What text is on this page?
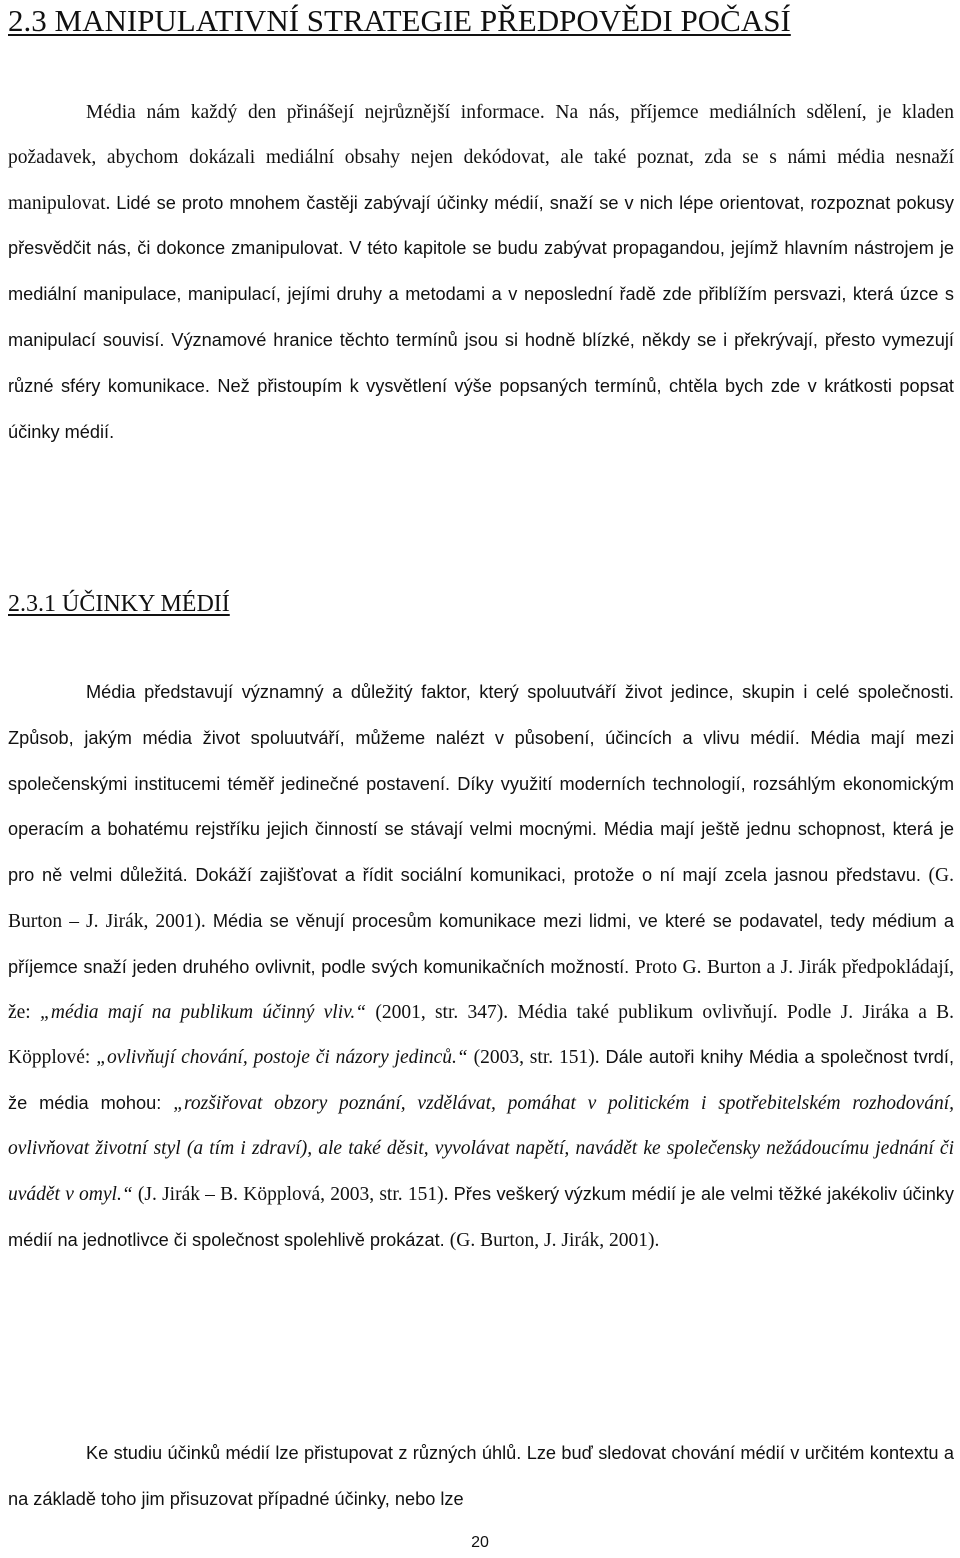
2.3 MANIPULATIVNÍ STRATEGIE PŘEDPOVĚDI POČASÍ

Média nám každý den přinášejí nejrůznější informace. Na nás, příjemce mediálních sdělení, je kladen požadavek, abychom dokázali mediální obsahy nejen dekódovat, ale také poznat, zda se s námi média nesnaží manipulovat. Lidé se proto mnohem častěji zabývají účinky médií, snaží se v nich lépe orientovat, rozpoznat pokusy přesvědčit nás, či dokonce zmanipulovat. V této kapitole se budu zabývat propagandou, jejímž hlavním nástrojem je mediální manipulace, manipulací, jejími druhy a metodami a v neposlední řadě zde přiblížím persvazi, která úzce s manipulací souvisí. Významové hranice těchto termínů jsou si hodně blízké, někdy se i překrývají, přesto vymezují různé sféry komunikace. Než přistoupím k vysvětlení výše popsaných termínů, chtěla bych zde v krátkosti popsat účinky médií.

2.3.1 ÚČINKY MÉDIÍ

Média představují významný a důležitý faktor, který spoluutváří život jedince, skupin i celé společnosti. Způsob, jakým média život spoluutváří, můžeme nalézt v působení, účincích a vlivu médií. Média mají mezi společenskými institucemi téměř jedinečné postavení. Díky využití moderních technologií, rozsáhlým ekonomickým operacím a bohatému rejstříku jejich činností se stávají velmi mocnými. Média mají ještě jednu schopnost, která je pro ně velmi důležitá. Dokáží zajišťovat a řídit sociální komunikaci, protože o ní mají zcela jasnou představu. (G. Burton – J. Jirák, 2001). Média se věnují procesům komunikace mezi lidmi, ve které se podavatel, tedy médium a příjemce snaží jeden druhého ovlivnit, podle svých komunikačních možností. Proto G. Burton a J. Jirák předpokládají, že: „média mají na publikum účinný vliv.“ (2001, str. 347). Média také publikum ovlivňují. Podle J. Jiráka a B. Köpplové: „ovlivňují chování, postoje či názory jedinců.“ (2003, str. 151). Dále autoři knihy Média a společnost tvrdí, že média mohou: „rozšiřovat obzory poznání, vzdělávat, pomáhat v politickém i spotřebitelském rozhodování, ovlivňovat životní styl (a tím i zdraví), ale také děsit, vyvolávat napětí, navádět ke společensky nežádoucímu jednání či uvádět v omyl.“ (J. Jirák – B. Köpplová, 2003, str. 151). Přes veškerý výzkum médií je ale velmi těžké jakékoliv účinky médií na jednotlivce či společnost spolehlivě prokázat. (G. Burton, J. Jirák, 2001).

Ke studiu účinků médií lze přistupovat z různých úhlů. Lze buď sledovat chování médií v určitém kontextu a na základě toho jim přisuzovat případné účinky, nebo lze

20
